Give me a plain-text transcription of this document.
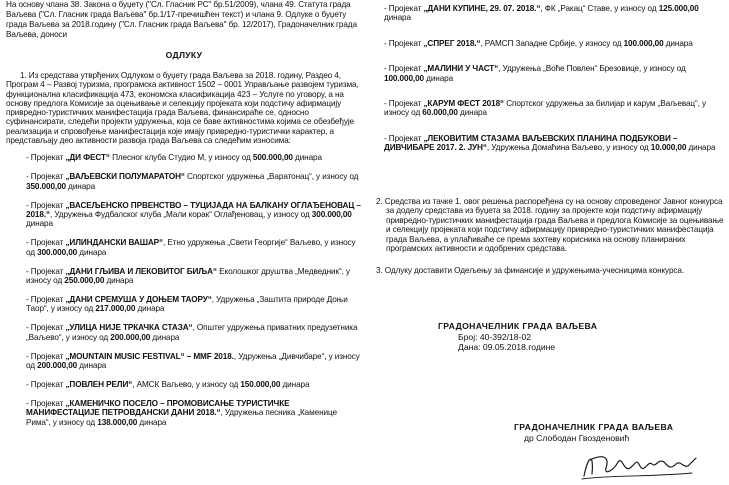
На основу члана 38. Закона о буџету ("Сл. Гласник РС" бр.51/2009), члана 49. Статута града Ваљева ("Сл. Гласник града Ваљева" бр.1/17-пречишћен текст) и члана 9. Одлуке о буџету града Ваљева за 2018.годину ("Сл. Гласник града Ваљева" бр. 12/2017), Градоначелник града Ваљева, доноси

ОДЛУКУ

1. Из средстава утврђених Одлуком о буџету града Ваљева за 2018. годину, Раздео 4, Програм 4 – Развој туризма, програмска активност 1502 – 0001 Управљање развојем туризма, функционална класификација 473, економска класификација 423 – Услуге по уговору, а на основу предлога Комисије за оцењивање и селекцију пројеката који подстичу афирмацију привредно-туристичких манифестација града Ваљева, финансираће се, односно суфинансирати, следећи пројекти удружења, која се баве активностима којима се обезбеђује реализација и спровођење манифестација које имају привредно-туристички карактер, а представљају део активности развоја града Ваљева са следећим износима:

- Пројекат „ДИ ФЕСТ“ Плесног клуба Студио М, у износу од 500.000,00 динара

- Пројекат „ВАЉЕВСКИ ПОЛУМАРАТОН“ Спортског удружења „Варатонац“, у износу од 350.000,00 динара

- Пројекат „ВАСЕЉЕНСКО ПРВЕНСТВО – ТУЦИЈАДА НА БАЛКАНУ ОГЛАЂЕНОВАЦ – 2018.“, Удружења Фудбалског клуба „Мали корак“ Оглађеновац, у износу од 300.000,00 динара

- Пројекат „ИЛИНДАНСКИ ВАШАР“, Етно удружења „Свети Георгије“ Ваљево, у износу од 300.000,00 динара

- Пројекат „ДАНИ ГЉИВА И ЛЕКОВИТОГ БИЉА“ Еколошког друштва „Медведник“, у износу од 250.000,00 динара

- Пројекат „ДАНИ СРЕМУША У ДОЊЕМ ТАОРУ“, Удружења „Заштита природе Доњи Таор“, у износу од 217.000,00 динара

- Пројекат „УЛИЦА НИЈЕ ТРКАЧКА СТАЗА“, Општег удружења приватних предузетника „Ваљево“, у износу од 200.000,00 динара

- Пројекат „MOUNTAIN MUSIC FESTIVAL“ – MMF 2018., Удружења „Дивчибаре“, у износу од 200.000,00 динара

- Пројекат „ПОВЛЕН РЕЛИ“, АМСК Ваљево, у износу од 150.000,00 динара

- Пројекат „КАМЕНИЧКО ПОСЕЛО – ПРОМОВИСАЊЕ ТУРИСТИЧКЕ МАНИФЕСТАЦИЈЕ ПЕТРОВДАНСКИ ДАНИ 2018.“, Удружења песника „Каменице Рима“, у износу од 138.000,00 динара

- Пројекат „ДАНИ КУПИНЕ, 29. 07. 2018.“, ФК „Ракац“ Ставе, у износу од 125.000,00 динара

- Пројекат „СПРЕГ 2018.“, РАМСП Западне Србије, у износу од 100.000,00 динара

- Пројекат „МАЛИНИ У ЧАСТ“, Удружења „Воће Повлен“ Брезовице, у износу од 100.000,00 динара

- Пројекат „КАРУМ ФЕСТ 2018“ Спортског удружења за билијар и карум „Ваљевац“, у износу од 60.000,00 динара

- Пројекат „ЛЕКОВИТИМ СТАЗАМА ВАЉЕВСКИХ ПЛАНИНА ПОДБУКОВИ – ДИВЧИБАРЕ 2017. 2. ЈУН“, Удружења Домаћина Ваљево, у износу од 10.000,00 динара

2. Средства из тачке 1. овог решења распоређена су на основу спроведеног Јавног конкурса за доделу средстава из буџета за 2018. годину за пројекте који подстичу афирмацију привредно-туристичких манифестација града Ваљева и предлога Комисије за оцењивање и селекцију пројеката који подстичу афирмацију привредно-туристичких манифестација града Ваљева, а уплаћиваће се према захтеву корисника на основу планираних програмских активности и одобрених средстава.

3. Одлуку доставити Одељењу за финансије и удружењима-учесницима конкурса.

ГРАДОНАЧЕЛНИК ГРАДА ВАЉЕВА

Број: 40-392/18-02

Дана: 09.05.2018.године

ГРАДОНАЧЕЛНИК ГРАДА ВАЉЕВА

др Слободан Гвозденовић
